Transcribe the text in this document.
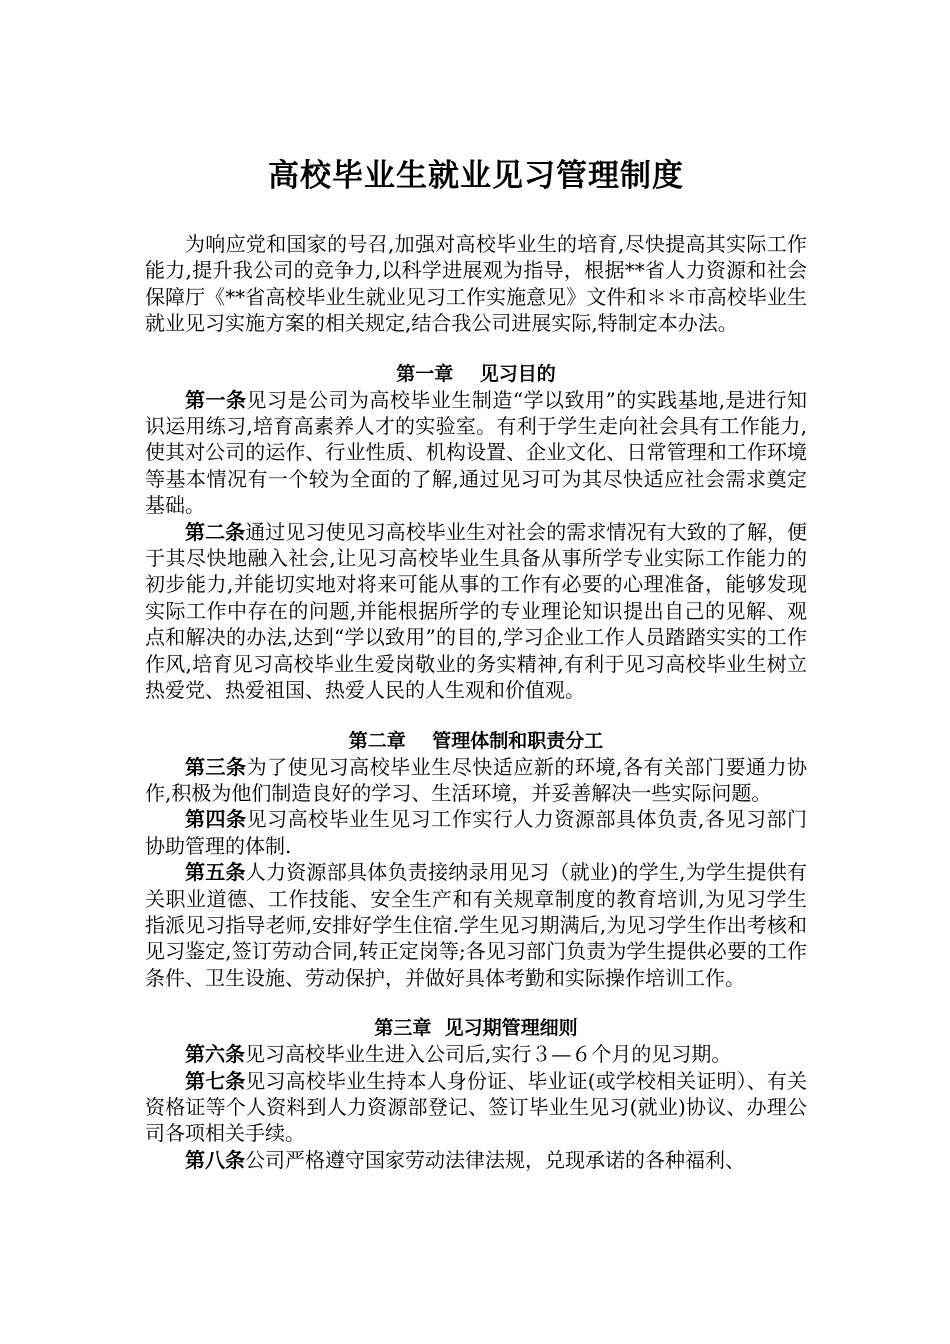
高校毕业生就业见习管理制度

为响应党和国家的号召,加强对高校毕业生的培育,尽快提高其实际工作能力,提升我公司的竞争力,以科学进展观为指导，根据**省人力资源和社会保障厅《**省高校毕业生就业见习工作实施意见》文件和＊＊市高校毕业生就业见习实施方案的相关规定,结合我公司进展实际,特制定本办法。

第一章    见习目的

第一条见习是公司为高校毕业生制造“学以致用”的实践基地,是进行知识运用练习,培育高素养人才的实验室。有利于学生走向社会具有工作能力,使其对公司的运作、行业性质、机构设置、企业文化、日常管理和工作环境等基本情况有一个较为全面的了解,通过见习可为其尽快适应社会需求奠定基础。

第二条通过见习使见习高校毕业生对社会的需求情况有大致的了解，便于其尽快地融入社会,让见习高校毕业生具备从事所学专业实际工作能力的初步能力,并能切实地对将来可能从事的工作有必要的心理准备，能够发现实际工作中存在的问题,并能根据所学的专业理论知识提出自己的见解、观点和解决的办法,达到“学以致用”的目的,学习企业工作人员踏踏实实的工作作风,培育见习高校毕业生爱岗敬业的务实精神,有利于见习高校毕业生树立热爱党、热爱祖国、热爱人民的人生观和价值观。

第二章    管理体制和职责分工

第三条为了使见习高校毕业生尽快适应新的环境,各有关部门要通力协作,积极为他们制造良好的学习、生活环境，并妥善解决一些实际问题。

第四条见习高校毕业生见习工作实行人力资源部具体负责,各见习部门协助管理的体制.

第五条人力资源部具体负责接纳录用见习（就业)的学生,为学生提供有关职业道德、工作技能、安全生产和有关规章制度的教育培训,为见习学生指派见习指导老师,安排好学生住宿.学生见习期满后,为见习学生作出考核和见习鉴定,签订劳动合同,转正定岗等;各见习部门负责为学生提供必要的工作条件、卫生设施、劳动保护，并做好具体考勤和实际操作培训工作。

第三章  见习期管理细则

第六条见习高校毕业生进入公司后,实行３—６个月的见习期。

第七条见习高校毕业生持本人身份证、毕业证(或学校相关证明）、有关资格证等个人资料到人力资源部登记、签订毕业生见习(就业)协议、办理公司各项相关手续。

第八条公司严格遵守国家劳动法律法规，兑现承诺的各种福利、
